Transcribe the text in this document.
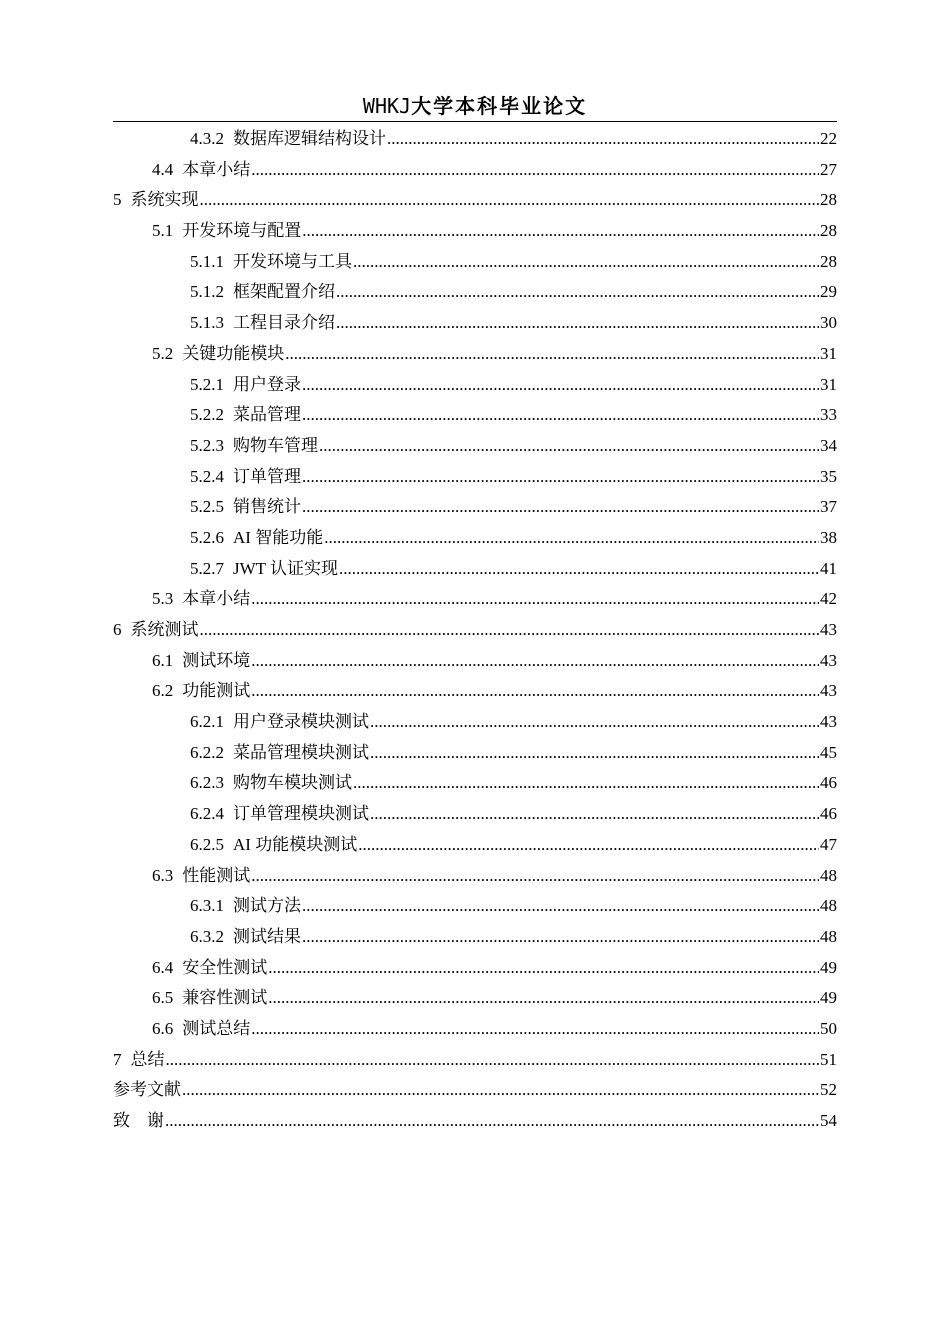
WHKJ大学本科毕业论文
4.3.2 数据库逻辑结构设计 .....	22
4.4 本章小结 .....	27
5 系统实现 .....	28
5.1 开发环境与配置 .....	28
5.1.1 开发环境与工具 .....	28
5.1.2 框架配置介绍 .....	29
5.1.3 工程目录介绍 .....	30
5.2 关键功能模块 .....	31
5.2.1 用户登录 .....	31
5.2.2 菜品管理 .....	33
5.2.3 购物车管理 .....	34
5.2.4 订单管理 .....	35
5.2.5 销售统计 .....	37
5.2.6 AI 智能功能 .....	38
5.2.7 JWT 认证实现 .....	41
5.3 本章小结 .....	42
6 系统测试 .....	43
6.1 测试环境 .....	43
6.2 功能测试 .....	43
6.2.1 用户登录模块测试 .....	43
6.2.2 菜品管理模块测试 .....	45
6.2.3 购物车模块测试 .....	46
6.2.4 订单管理模块测试 .....	46
6.2.5 AI 功能模块测试 .....	47
6.3 性能测试 .....	48
6.3.1 测试方法 .....	48
6.3.2 测试结果 .....	48
6.4 安全性测试 .....	49
6.5 兼容性测试 .....	49
6.6 测试总结 .....	50
7 总结 .....	51
参考文献 .....	52
致　谢 .....	54
